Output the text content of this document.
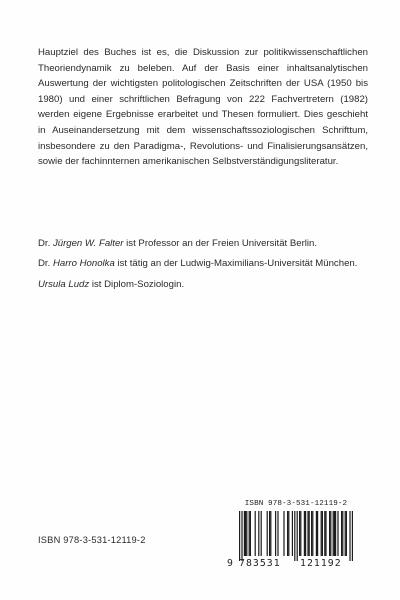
Hauptziel des Buches ist es, die Diskussion zur politikwissenschaftlichen Theoriendynamik zu beleben. Auf der Basis einer inhaltsanalytischen Auswertung der wichtigsten politologischen Zeitschriften der USA (1950 bis 1980) und einer schriftlichen Befragung von 222 Fachvertretern (1982) werden eigene Ergebnisse erarbeitet und Thesen formuliert. Dies geschieht in Auseinandersetzung mit dem wissenschaftssoziologischen Schrifttum, insbesondere zu den Paradigma-, Revolutions- und Finalisierungsansätzen, sowie der fachinnternen amerikanischen Selbstverständigungsliteratur.

Dr. Jürgen W. Falter ist Professor an der Freien Universität Berlin.

Dr. Harro Honolka ist tätig an der Ludwig-Maximilians-Universität München.

Ursula Ludz ist Diplom-Soziologin.

ISBN 978-3-531-12119-2
ISBN 978-3-531-12119-2
9 783531 121192
